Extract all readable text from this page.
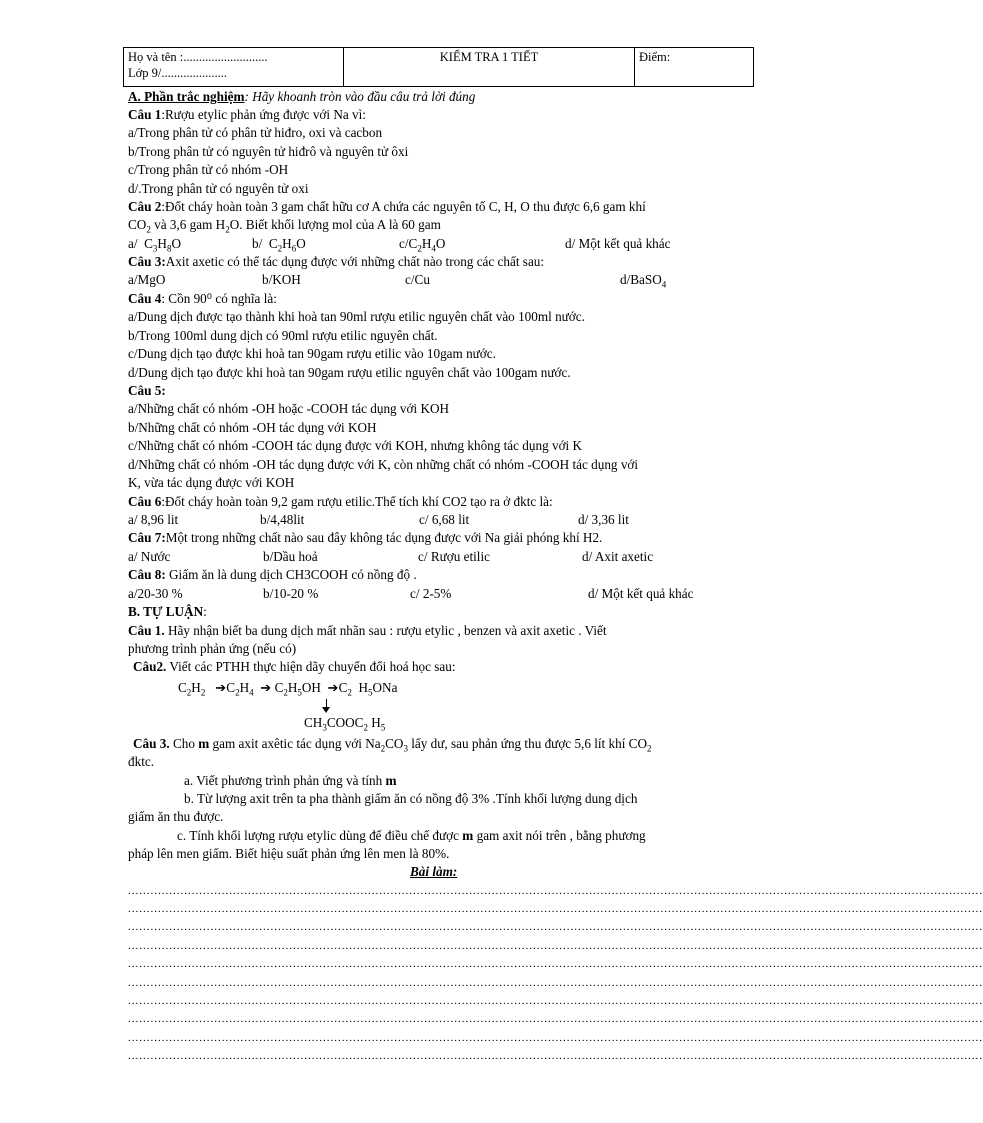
Họ và tên :...........................
Lớp 9/.....................
	KIỂM TRA 1 TIẾT	Điểm:
A. Phần trắc nghiệm: Hãy khoanh tròn vào đầu câu trả lời đúng
Câu 1:Rượu etylic phản ứng được với Na vì:
a/Trong phân tử có phân tử hiđro, oxi và cacbon
b/Trong phân tử có nguyên tử hiđrô và nguyên tử ôxi
c/Trong phân tử có nhóm -OH
d/.Trong phân tử có nguyên tử oxi
Câu 2:Đốt cháy hoàn toàn 3 gam chất hữu cơ A chứa các nguyên tố C, H, O thu được 6,6 gam khí
$CO_2$ và 3,6 gam $H_2O$. Biết khối lượng mol của A là 60 gam
a/  $C_3H_8O$	b/  $C_2H_6O$	$c/C_2H_4O$	d/ Một kết quả khác
Câu 3:Axit axetic có thể tác dụng được với những chất nào trong các chất sau:
a/MgO	b/KOH	c/Cu	d/BaSO$_4$
Câu 4: Cồn 90⁰ có nghĩa là:
a/Dung dịch được tạo thành khi hoà tan 90ml rượu etilic nguyên chất vào 100ml nước.
b/Trong 100ml dung dịch có 90ml rượu etilic nguyên chất.
c/Dung dịch tạo được khi hoà tan 90gam rượu etilic vào 10gam nước.
d/Dung dịch tạo được khi hoà tan 90gam rượu etilic nguyên chất vào 100gam nước.
Câu 5:
a/Những chất có nhóm -OH hoặc -COOH tác dụng với KOH
b/Những chất có nhóm -OH tác dụng với KOH
c/Những chất có nhóm -COOH tác dụng được với KOH, nhưng không tác dụng với K
d/Những chất có nhóm -OH tác dụng được với K, còn những chất có nhóm -COOH tác dụng với
K, vừa tác dụng được với KOH
Câu 6:Đốt cháy hoàn toàn 9,2 gam rượu etilic.Thể tích khí CO2 tạo ra ở đktc là:
a/ 8,96 lit	b/4,48lit	c/ 6,68 lit	d/ 3,36 lit
Câu 7:Một trong những chất nào sau đây không tác dụng được với Na giải phóng khí H2.
a/ Nước	b/Dầu hoả	c/ Rượu etilic	d/ Axit axetic
Câu 8: Giấm ăn là dung dịch CH3COOH có nồng độ .
a/20-30 %	b/10-20 %	c/ 2-5%	d/ Một kết quả khác
B. TỰ LUẬN:
Câu 1. Hãy nhận biết ba dung dịch mất nhãn sau : rượu etylic , benzen và axit axetic . Viết
phương trình phản ứng (nếu có)
Câu2. Viết các PTHH thực hiện dãy chuyển đổi hoá học sau:
$C_2H_2$ $➔C_2H_4$ ➔ $C_2H_5OH$  $➔C_2$  $H_5ONa$
$CH_3COOC_2$ $H_5$
Câu 3. Cho m gam axit axêtic tác dụng với $Na_2CO_3$ lấy dư, sau phản ứng thu được 5,6 lít khí $CO_2$
đktc.
a. Viết phương trình phản ứng và tính m
b. Từ lượng axit trên ta pha thành giấm ăn có nồng độ 3% .Tính khối lượng dung dịch
giấm ăn thu được.
c. Tính khối lượng rượu etylic dùng để điều chế được m gam axit nói trên , bằng phương
pháp lên men giấm. Biết hiệu suất phản ứng lên men là 80%.
Bài làm:
....................................................................................................................................................................................................................................
....................................................................................................................................................................................................................................
....................................................................................................................................................................................................................................
....................................................................................................................................................................................................................................
....................................................................................................................................................................................................................................
....................................................................................................................................................................................................................................
....................................................................................................................................................................................................................................
....................................................................................................................................................................................................................................
....................................................................................................................................................................................................................................
....................................................................................................................................................................................................................................
